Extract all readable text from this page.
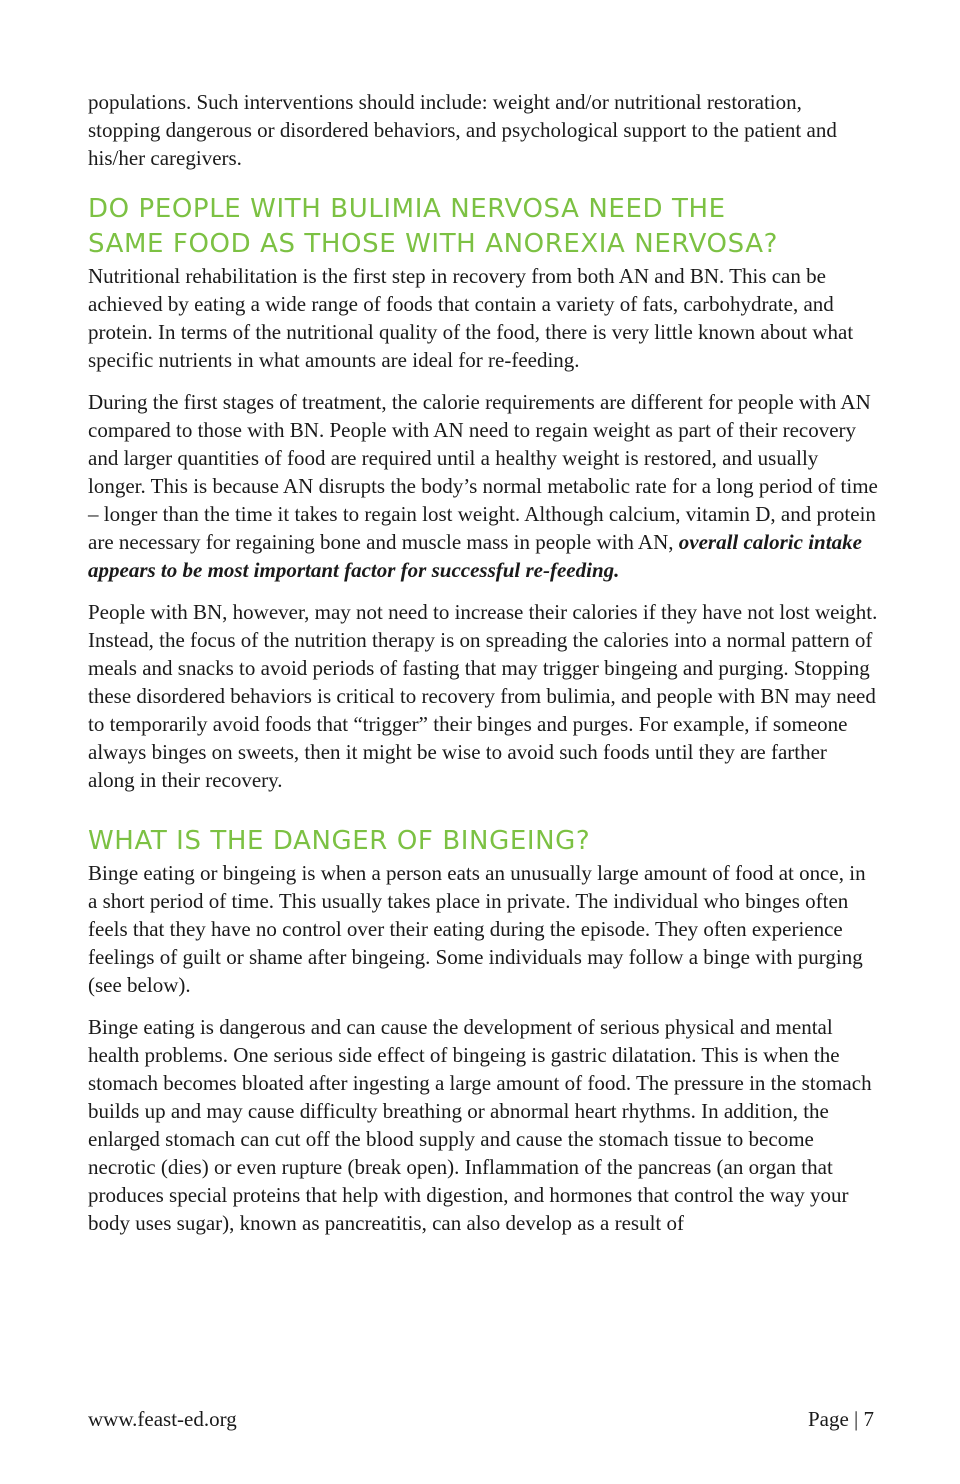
populations. Such interventions should include: weight and/or nutritional restoration, stopping dangerous or disordered behaviors, and psychological support to the patient and his/her caregivers.

DO PEOPLE WITH BULIMIA NERVOSA NEED THE
SAME FOOD AS THOSE WITH ANOREXIA NERVOSA?

Nutritional rehabilitation is the first step in recovery from both AN and BN. This can be achieved by eating a wide range of foods that contain a variety of fats, carbohydrate, and protein. In terms of the nutritional quality of the food, there is very little known about what specific nutrients in what amounts are ideal for re-feeding.

During the first stages of treatment, the calorie requirements are different for people with AN compared to those with BN. People with AN need to regain weight as part of their recovery and larger quantities of food are required until a healthy weight is restored, and usually longer. This is because AN disrupts the body’s normal metabolic rate for a long period of time – longer than the time it takes to regain lost weight. Although calcium, vitamin D, and protein are necessary for regaining bone and muscle mass in people with AN, overall caloric intake appears to be most important factor for successful re-feeding.

People with BN, however, may not need to increase their calories if they have not lost weight. Instead, the focus of the nutrition therapy is on spreading the calories into a normal pattern of meals and snacks to avoid periods of fasting that may trigger bingeing and purging. Stopping these disordered behaviors is critical to recovery from bulimia, and people with BN may need to temporarily avoid foods that “trigger” their binges and purges. For example, if someone always binges on sweets, then it might be wise to avoid such foods until they are farther along in their recovery.

WHAT IS THE DANGER OF BINGEING?

Binge eating or bingeing is when a person eats an unusually large amount of food at once, in a short period of time. This usually takes place in private. The individual who binges often feels that they have no control over their eating during the episode. They often experience feelings of guilt or shame after bingeing. Some individuals may follow a binge with purging (see below).

Binge eating is dangerous and can cause the development of serious physical and mental health problems. One serious side effect of bingeing is gastric dilatation. This is when the stomach becomes bloated after ingesting a large amount of food. The pressure in the stomach builds up and may cause difficulty breathing or abnormal heart rhythms. In addition, the enlarged stomach can cut off the blood supply and cause the stomach tissue to become necrotic (dies) or even rupture (break open). Inflammation of the pancreas (an organ that produces special proteins that help with digestion, and hormones that control the way your body uses sugar), known as pancreatitis, can also develop as a result of

www.feast-ed.org	Page | 7
